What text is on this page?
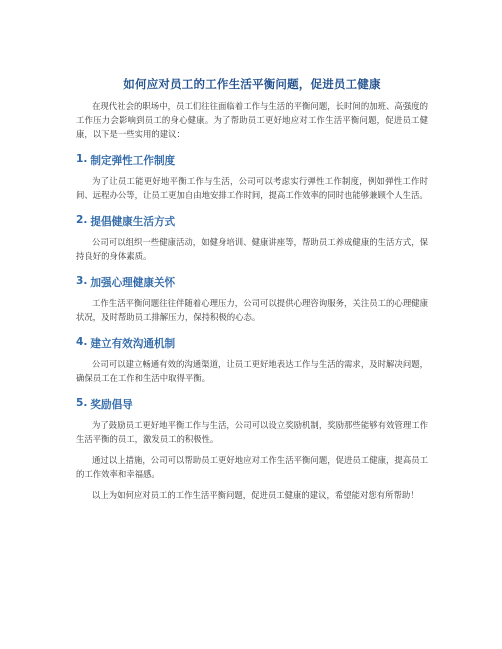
如何应对员工的工作生活平衡问题，促进员工健康

在现代社会的职场中，员工们往往面临着工作与生活的平衡问题，长时间的加班、高强度的工作压力会影响到员工的身心健康。为了帮助员工更好地应对工作生活平衡问题，促进员工健康，以下是一些实用的建议：

1. 制定弹性工作制度

为了让员工能更好地平衡工作与生活，公司可以考虑实行弹性工作制度，例如弹性工作时间、远程办公等，让员工更加自由地安排工作时间，提高工作效率的同时也能够兼顾个人生活。

2. 提倡健康生活方式

公司可以组织一些健康活动，如健身培训、健康讲座等，帮助员工养成健康的生活方式，保持良好的身体素质。

3. 加强心理健康关怀

工作生活平衡问题往往伴随着心理压力，公司可以提供心理咨询服务，关注员工的心理健康状况，及时帮助员工排解压力，保持积极的心态。

4. 建立有效沟通机制

公司可以建立畅通有效的沟通渠道，让员工更好地表达工作与生活的需求，及时解决问题，确保员工在工作和生活中取得平衡。

5. 奖励倡导

为了鼓励员工更好地平衡工作与生活，公司可以设立奖励机制，奖励那些能够有效管理工作生活平衡的员工，激发员工的积极性。

通过以上措施，公司可以帮助员工更好地应对工作生活平衡问题，促进员工健康，提高员工的工作效率和幸福感。

以上为如何应对员工的工作生活平衡问题，促进员工健康的建议，希望能对您有所帮助！
